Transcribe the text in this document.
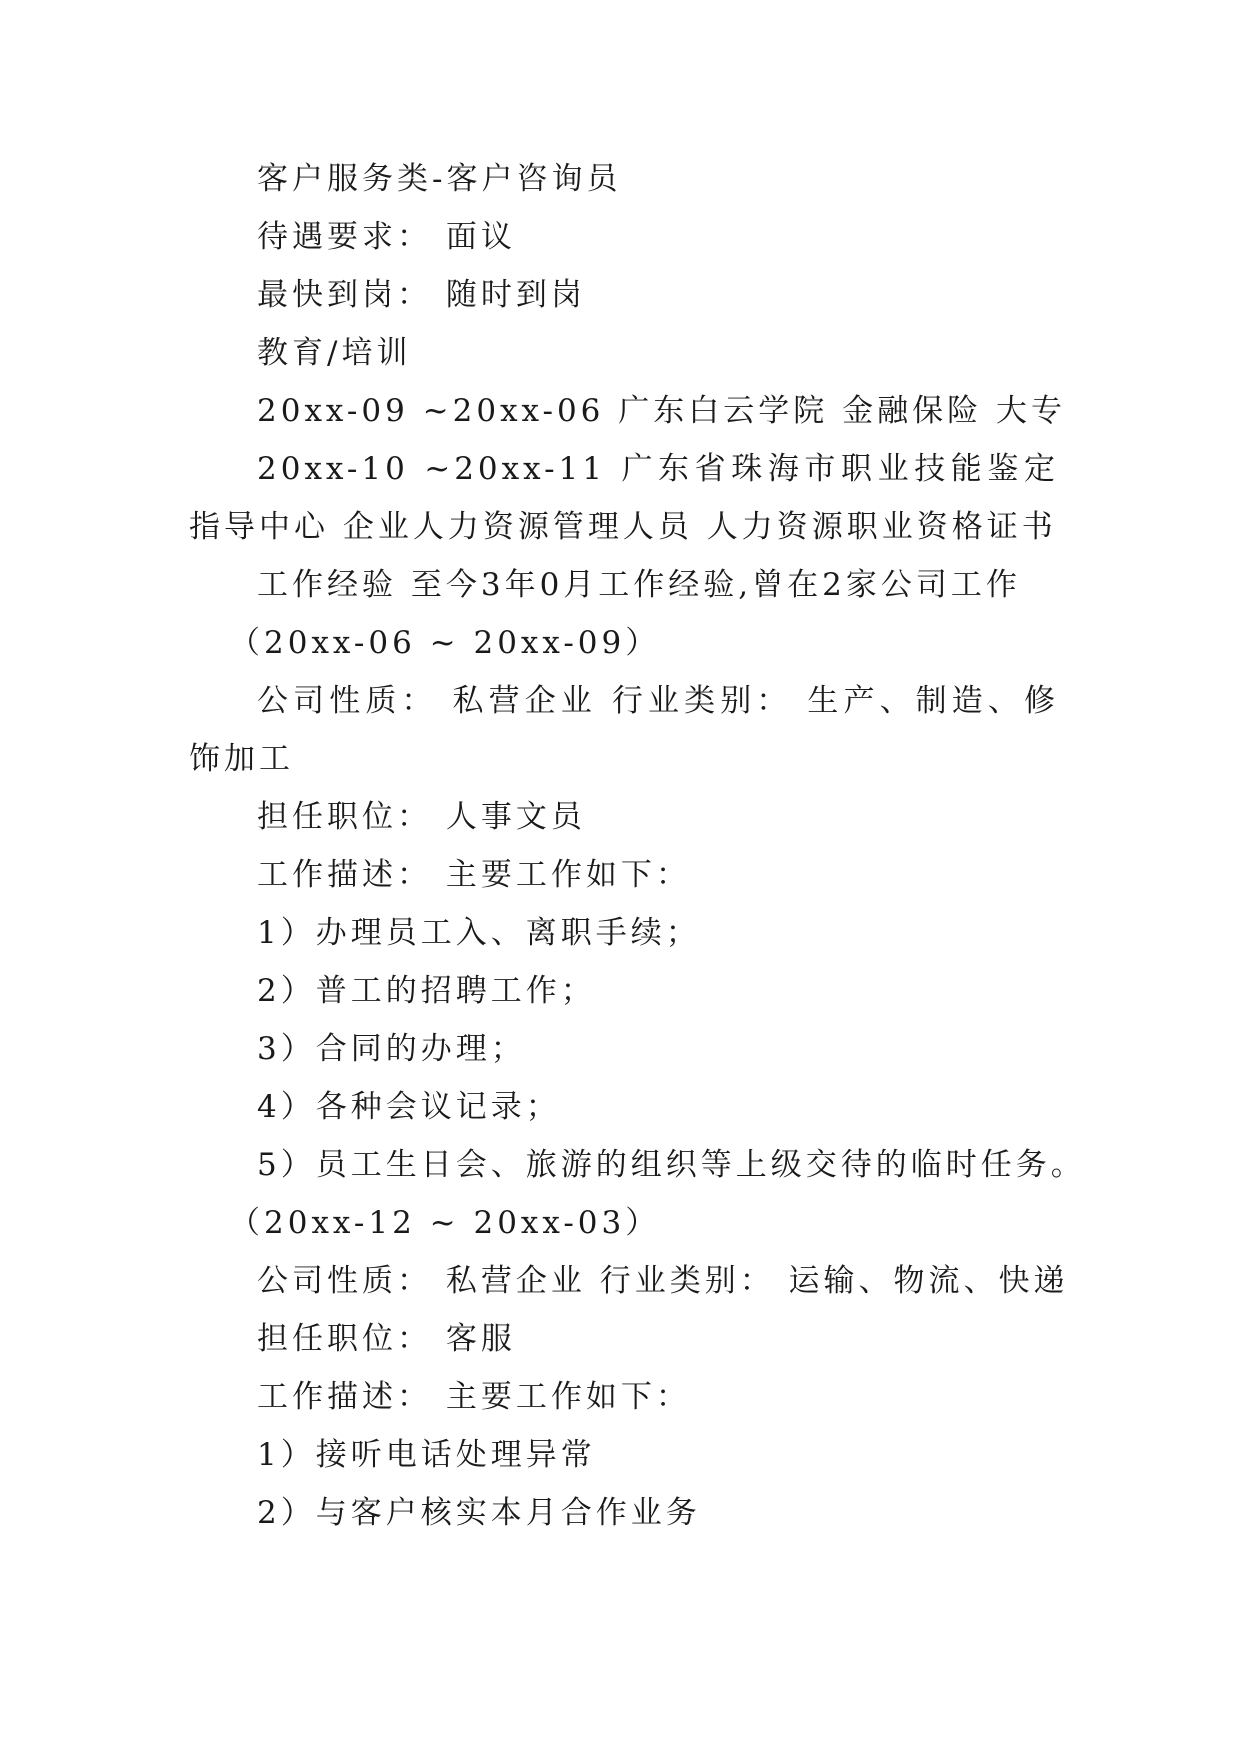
客户服务类-客户咨询员

待遇要求： 面议

最快到岗： 随时到岗

教育/培训

20xx-09 ~20xx-06 广东白云学院 金融保险 大专

20xx-10 ~20xx-11 广东省珠海市职业技能鉴定指导中心 企业人力资源管理人员 人力资源职业资格证书

工作经验 至今3年0月工作经验,曾在2家公司工作

（20xx-06 ~ 20xx-09）

公司性质： 私营企业 行业类别： 生产、制造、修饰加工

担任职位： 人事文员

工作描述： 主要工作如下：

1）办理员工入、离职手续；

2）普工的招聘工作；

3）合同的办理；

4）各种会议记录；

5）员工生日会、旅游的组织等上级交待的临时任务。

（20xx-12 ~ 20xx-03）

公司性质： 私营企业 行业类别： 运输、物流、快递

担任职位： 客服

工作描述： 主要工作如下：

1）接听电话处理异常

2）与客户核实本月合作业务
